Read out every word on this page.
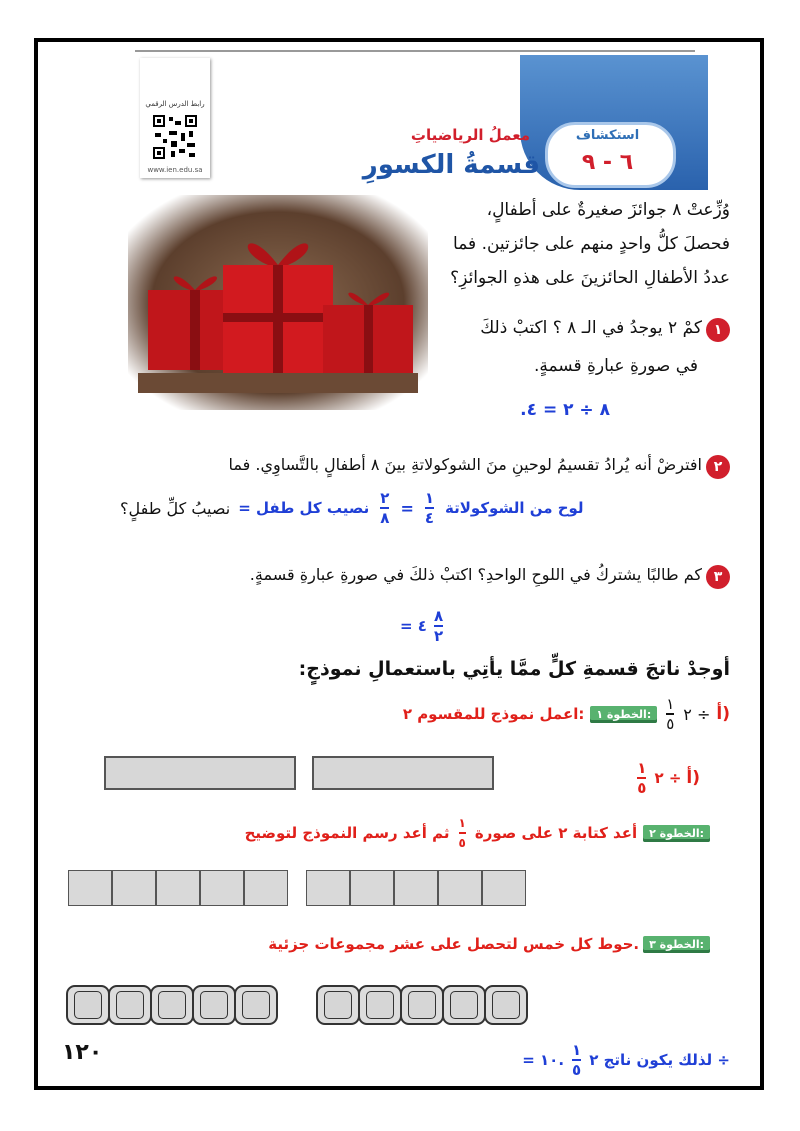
استكشاف
٦ - ٩
معملُ الرياضياتِ
قسمةُ الكسورِ
رابط الدرس الرقمي
www.ien.edu.sa
وُزِّعتْ ٨ جوائزَ صغيرةٌ على أطفالٍ،
فحصلَ كلُّ واحدٍ منهم على جائزتين. فما
عددُ الأطفالِ الحائزينَ على هذهِ الجوائزِ؟
١
كمْ ٢ يوجدُ في الـ ٨ ؟ اكتبْ ذلكَ
في صورةِ عبارةِ قسمةٍ.
٨ ÷ ٢ = ٤.
٢
افترضْ أنه يُرادُ تقسيمُ لوحينِ منَ الشوكولاتةِ بينَ ٨ أطفالٍ بالتَّساوِي. فما
نصيبُ كلِّ طفلٍ؟ نصيب كل طفل = $\frac{٢}{٨} = \frac{١}{٤}$ لوح من الشوكولاتة
٣
كم طالبًا يشتركُ في اللوحِ الواحدِ؟ اكتبْ ذلكَ في صورةِ عبارةِ قسمةٍ.
= ٤ $\frac{٨}{٢}$
أوجدْ ناتجَ قسمةِ كلٍّ ممَّا يأتِي باستعمالِ نموذجٍ:
أ)
٢ ÷
$\frac{١}{٥}$
الخطوة ١:
اعمل نموذج للمقسوم ٢:
أ)
٢ ÷
$\frac{١}{٥}$
الخطوة ٢:
أعد كتابة ٢ على صورة
$\frac{١}{٥}$
ثم أعد رسم النموذج لتوضيح
الخطوة ٣:
حوط كل خمس لتحصل على عشر مجموعات جزئية.
لذلك يكون ناتج ٢ ÷
$\frac{١}{٥}$
= ١٠.
١٢٠
